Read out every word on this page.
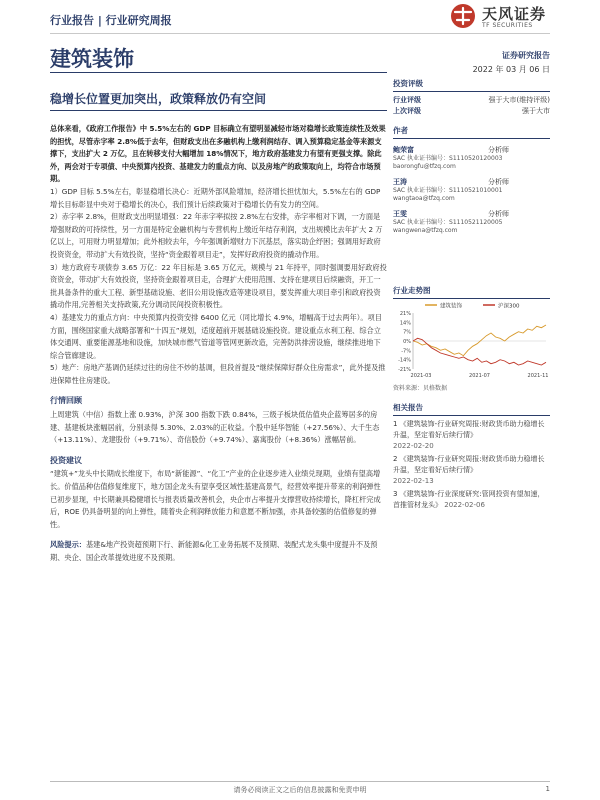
行业报告 | 行业研究周报	天风证券
TF SECURITIES
建筑装饰	证券研究报告
2022 年 03 月 06 日
稳增长位置更加突出，政策释放仍有空间

总体来看，《政府工作报告》中 5.5%左右的 GDP 目标确立有望明显减轻市场对稳增长政策连续性及效果的担忧，尽管赤字率 2.8%低于去年，但财政支出在多融机构上缴利润结存、调入预算稳定基金等来源支撑下，支出扩大 2 万亿，且在转移支付大幅增加 18%情况下，地方政府基建发力有望有更强支撑。除此外，两会对于专项债、中央预算内投资、基建发力的重点方向、以及房地产的政策取向上，均符合市场预期。

1）GDP 目标 5.5%左右，彰显稳增长决心：近期外部风险增加，经济增长担忧加大，5.5%左右的 GDP 增长目标彰显中央对于稳增长的决心，我们预计后续政策对于稳增长仍有发力的空间。

2）赤字率 2.8%，但财政支出明显增强：22 年赤字率拟按 2.8%左右安排，赤字率相对下调，一方面是增强财政的可持续性，另一方面是特定金融机构与专营机构上缴近年结存利润，支出规模比去年扩大 2 万亿以上，可用财力明显增加；此外相较去年，今年强调新增财力下沉基层，落实助企纾困；强调用好政府投资资金，带动扩大有效投资，坚持“资金跟着项目走”，发挥好政府投资的撬动作用。

3）地方政府专项债券 3.65 万亿：22 年目标是 3.65 万亿元，规模与 21 年持平，同时强调要用好政府投资资金，带动扩大有效投资，坚持资金跟着项目走，合理扩大使用范围、支持在建项目后续融资，开工一批具备条件的重大工程、新型基础设施、老旧公用设施改造等建设项目，要发挥重大项目牵引和政府投资撬动作用,完善相关支持政策,充分调动民间投资积极性。

4）基建发力的重点方向：中央预算内投资安排 6400 亿元（同比增长 4.9%，增幅高于过去两年）。项目方面，围绕国家重大战略部署和“十四五”规划，适度超前开展基础设施投资。建设重点水利工程、综合立体交通网、重要能源基地和设施，加快城市燃气管道等管网更新改造，完善防洪排涝设施，继续推进地下综合管廊建设。

5）地产：房地产基调仍延续过往的房住不炒的基调，但段首提及“继续保障好群众住房需求”，此外提及推进保障性住房建设。

行情回顾

上周建筑（中信）指数上涨 0.93%，沪深 300 指数下跌 0.84%，三级子板块低估值央企蓝筹居多的房建、基建板块涨幅居前，分别录得 5.30%、2.03%的正收益。个股中延华智能（+27.56%）、大千生态（+13.11%）、龙建股份（+9.71%）、奇信股份（+9.74%）、嘉寓股份（+8.36%）涨幅居前。

投资建议

“建筑+”龙头中长期成长维度下，布局“新能源”、“化工”产业的企业逐步进入业绩兑现期，业绩有望高增长。价值品种估值修复维度下，地方国企龙头有望享受区域性基建高景气，经营效率提升带来的利润弹性已初步显现，中长期兼具稳健增长与报表质量改善机会，央企市占率提升支撑营收持续增长，降杠杆完成后，ROE 仍具备明显的向上弹性，随着央企利润释放能力和意愿不断加强，亦具备较强的估值修复的弹性。

风险提示：基建&地产投资超预期下行、新能源&化工业务拓展不及预期、装配式龙头集中度提升不及预期、央企、国企改革提效进度不及预期。

投资评级
行业评级	强于大市(维持评级)
上次评级	强于大市
作者
鲍荣富	分析师
SAC 执业证书编号：S1110520120003
baorongfu@tfzq.com
王涛	分析师
SAC 执业证书编号：S1110521010001
wangtaoa@tfzq.com
王雯	分析师
SAC 执业证书编号：S1110521120005
wangwena@tfzq.com
行业走势图
建筑装饰	沪深300
21%
14%
7%
0%
-7%
-14%
-21%
2021-03	2021-07	2021-11
资料来源：贝格数据
相关报告
1 《建筑装饰-行业研究周报:财政货币助力稳增长升温，坚定看好后续行情》
2022-02-20
2 《建筑装饰-行业研究周报:财政货币助力稳增长升温，坚定看好后续行情》
2022-02-13
3 《建筑装饰-行业深度研究:管网投资有望加速，首推管材龙头》 2022-02-06
请务必阅读正文之后的信息披露和免责申明	1
